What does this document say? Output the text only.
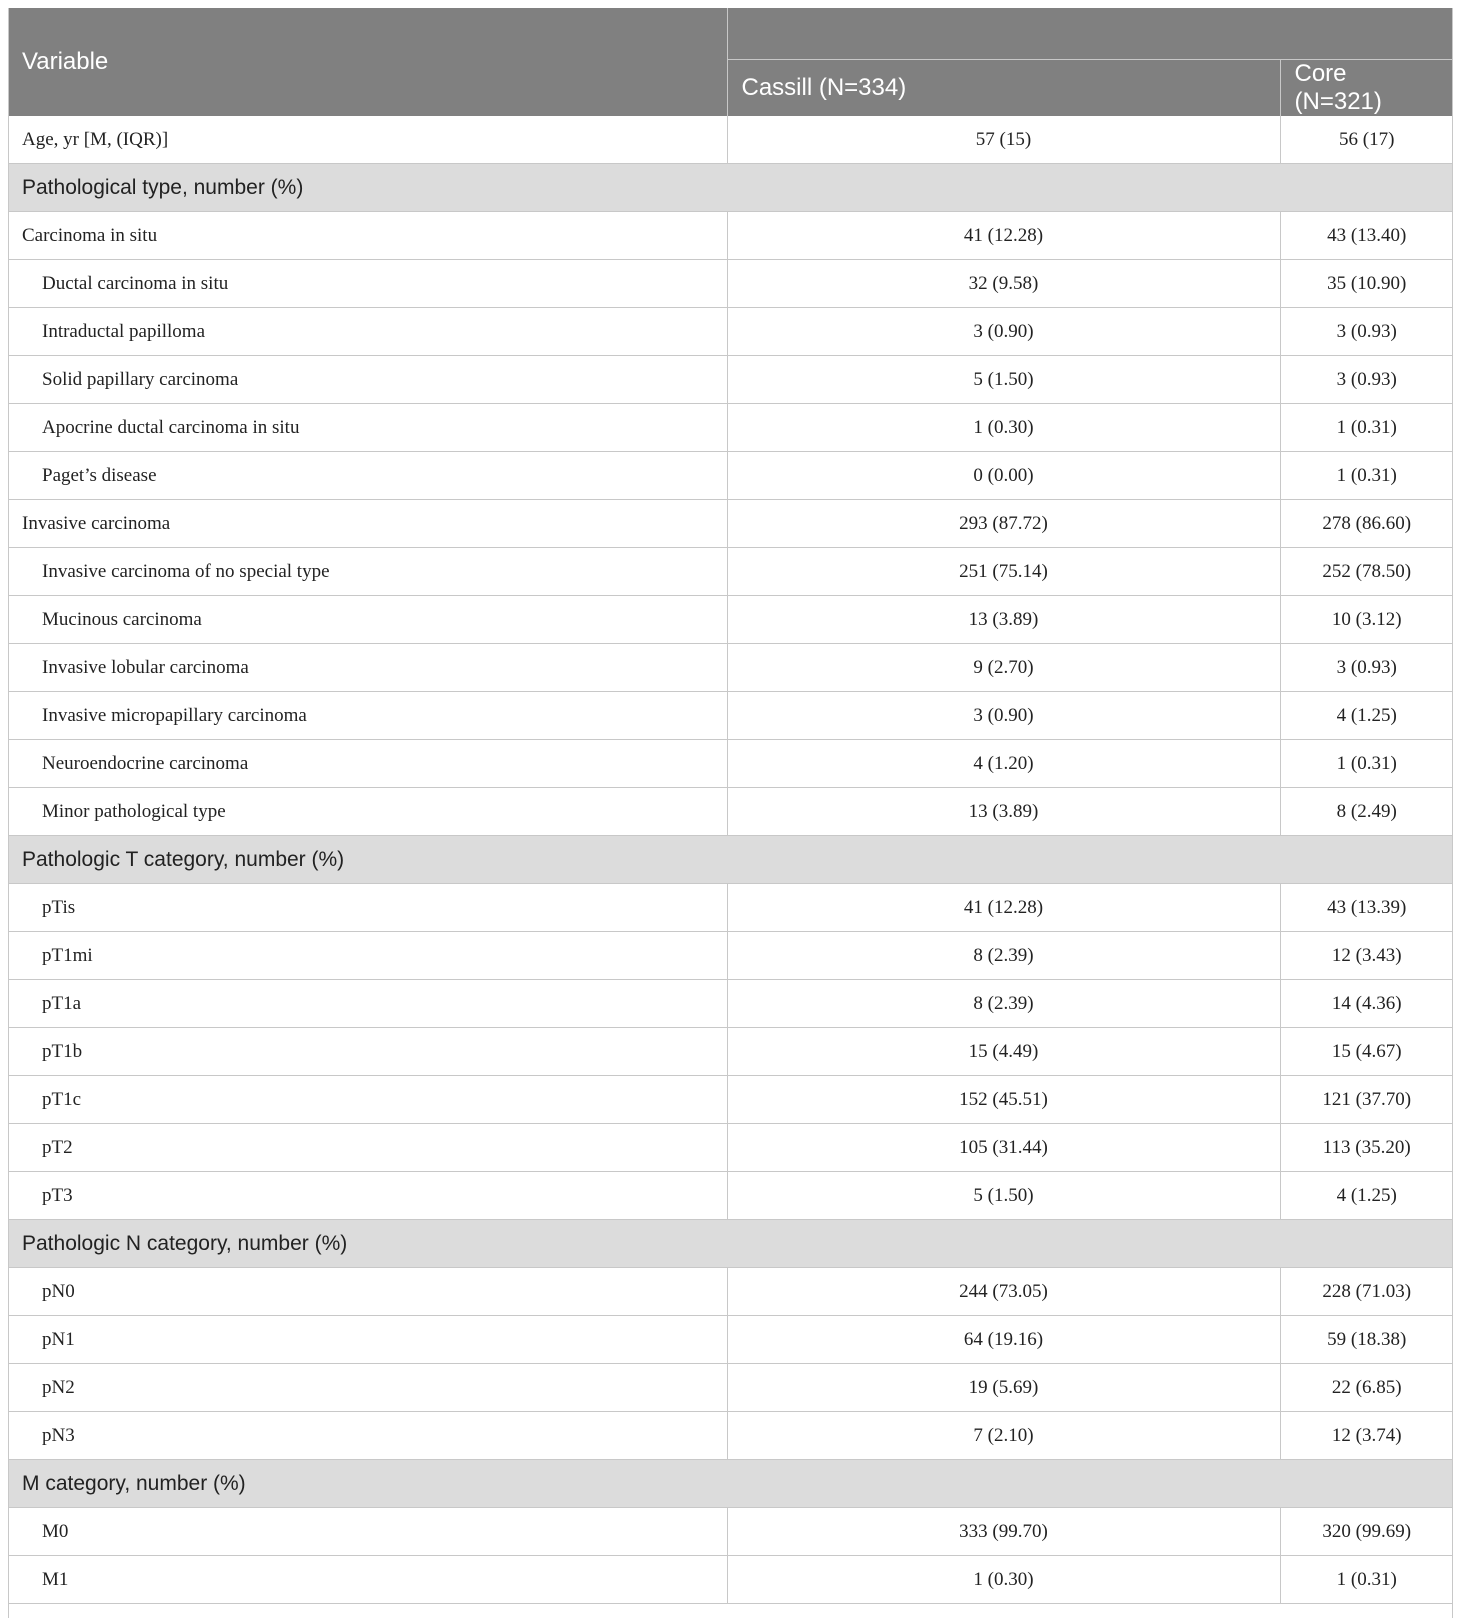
Variable		
	Cassill (N=334)	Core (N=321)
Age, yr [M, (IQR)]	57 (15)	56 (17)
Pathological type, number (%)		
Carcinoma in situ	41 (12.28)	43 (13.40)
Ductal carcinoma in situ	32 (9.58)	35 (10.90)
Intraductal papilloma	3 (0.90)	3 (0.93)
Solid papillary carcinoma	5 (1.50)	3 (0.93)
Apocrine ductal carcinoma in situ	1 (0.30)	1 (0.31)
Paget’s disease	0 (0.00)	1 (0.31)
Invasive carcinoma	293 (87.72)	278 (86.60)
Invasive carcinoma of no special type	251 (75.14)	252 (78.50)
Mucinous carcinoma	13 (3.89)	10 (3.12)
Invasive lobular carcinoma	9 (2.70)	3 (0.93)
Invasive micropapillary carcinoma	3 (0.90)	4 (1.25)
Neuroendocrine carcinoma	4 (1.20)	1 (0.31)
Minor pathological type	13 (3.89)	8 (2.49)
Pathologic T category, number (%)		
pTis	41 (12.28)	43 (13.39)
pT1mi	8 (2.39)	12 (3.43)
pT1a	8 (2.39)	14 (4.36)
pT1b	15 (4.49)	15 (4.67)
pT1c	152 (45.51)	121 (37.70)
pT2	105 (31.44)	113 (35.20)
pT3	5 (1.50)	4 (1.25)
Pathologic N category, number (%)		
pN0	244 (73.05)	228 (71.03)
pN1	64 (19.16)	59 (18.38)
pN2	19 (5.69)	22 (6.85)
pN3	7 (2.10)	12 (3.74)
M category, number (%)		
M0	333 (99.70)	320 (99.69)
M1	1 (0.30)	1 (0.31)
